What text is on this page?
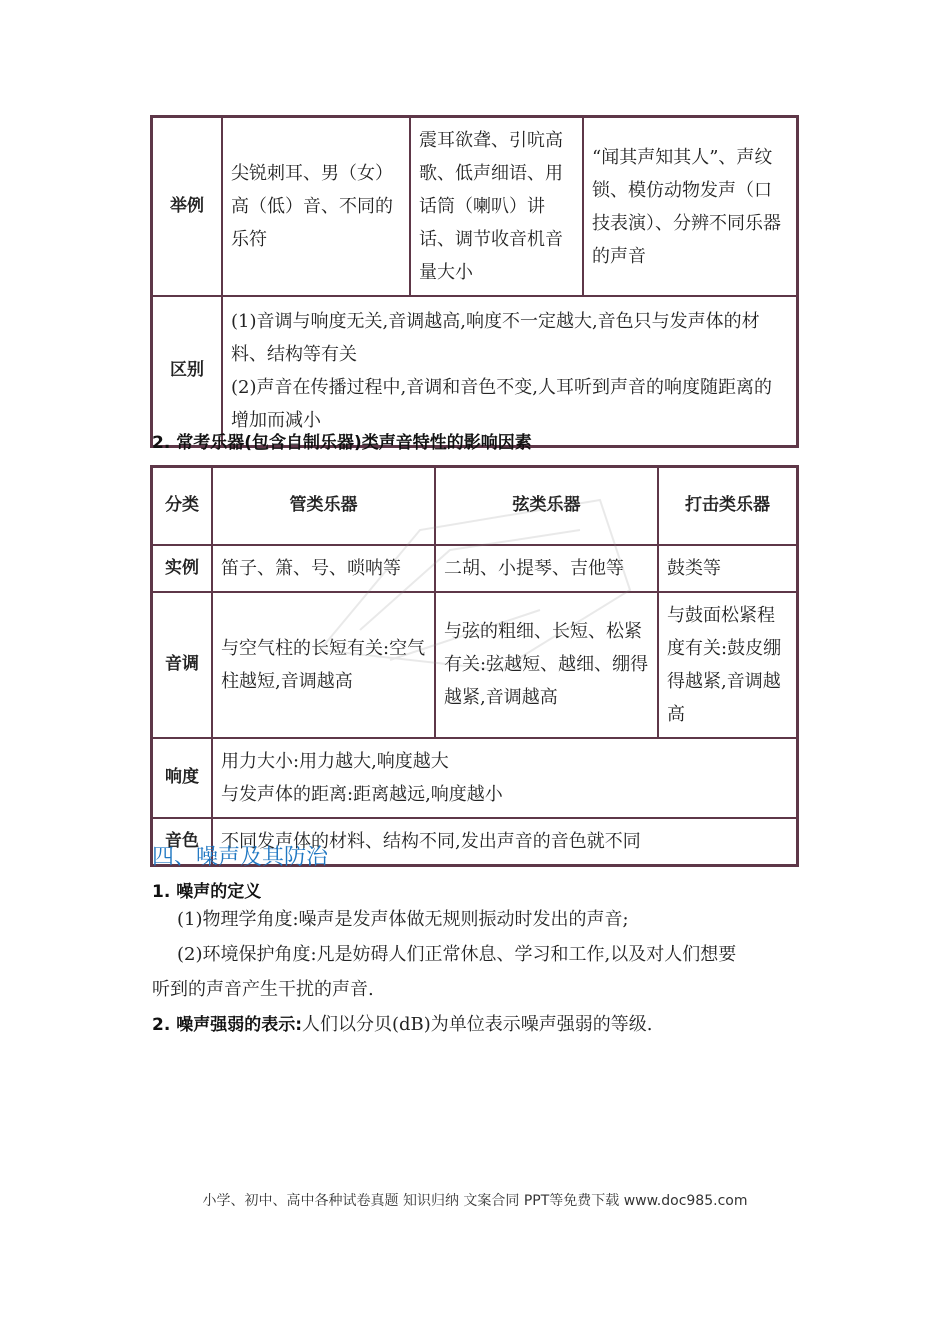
举例	尖锐刺耳、男（女）高（低）音、不同的乐符	震耳欲聋、引吭高歌、低声细语、用话筒（喇叭）讲话、调节收音机音量大小	“闻其声知其人”、声纹锁、模仿动物发声（口技表演）、分辨不同乐器的声音
区别	(1)音调与响度无关,音调越高,响度不一定越大,音色只与发声体的材料、结构等有关
(2)声音在传播过程中,音调和音色不变,人耳听到声音的响度随距离的增加而减小		
2. 常考乐器(包含自制乐器)类声音特性的影响因素
分类	管类乐器	弦类乐器	打击类乐器
实例	笛子、箫、号、唢呐等	二胡、小提琴、吉他等	鼓类等
音调	与空气柱的长短有关:空气柱越短,音调越高	与弦的粗细、长短、松紧有关:弦越短、越细、绷得越紧,音调越高	与鼓面松紧程度有关:鼓皮绷得越紧,音调越高
响度	用力大小:用力越大,响度越大
与发声体的距离:距离越远,响度越小		

音色	不同发声体的材料、结构不同,发出声音的音色就不同		
四、噪声及其防治
1. 噪声的定义
(1)物理学角度:噪声是发声体做无规则振动时发出的声音;
(2)环境保护角度:凡是妨碍人们正常休息、学习和工作,以及对人们想要
听到的声音产生干扰的声音.
2. 噪声强弱的表示:人们以分贝(dB)为单位表示噪声强弱的等级.
小学、初中、高中各种试卷真题 知识归纳 文案合同 PPT等免费下载 www.doc985.com
